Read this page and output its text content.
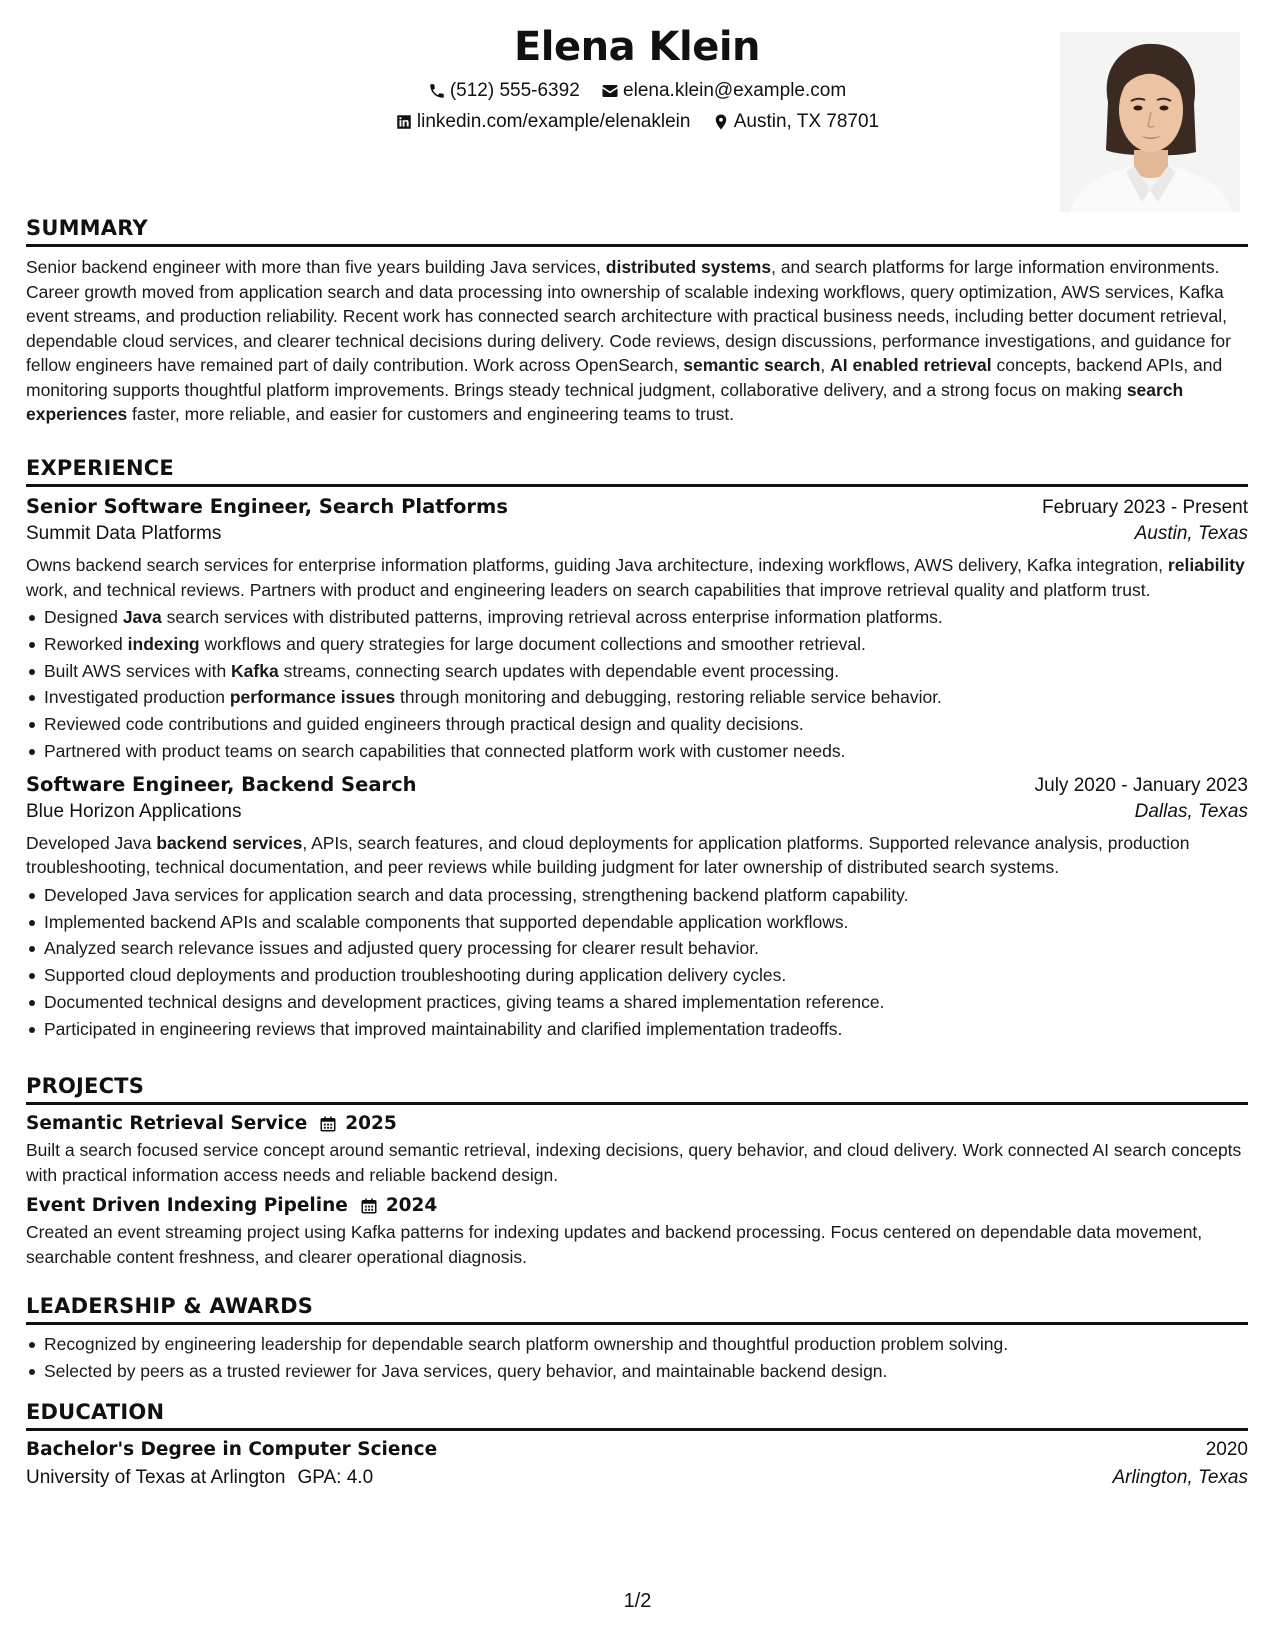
Elena Klein
(512) 555-6392
elena.klein@example.com
linkedin.com/example/elenaklein
Austin, TX 78701
SUMMARY

Senior backend engineer with more than five years building Java services, distributed systems, and search platforms for large information environments. Career growth moved from application search and data processing into ownership of scalable indexing workflows, query optimization, AWS services, Kafka event streams, and production reliability. Recent work has connected search architecture with practical business needs, including better document retrieval, dependable cloud services, and clearer technical decisions during delivery. Code reviews, design discussions, performance investigations, and guidance for fellow engineers have remained part of daily contribution. Work across OpenSearch, semantic search, AI enabled retrieval concepts, backend APIs, and monitoring supports thoughtful platform improvements. Brings steady technical judgment, collaborative delivery, and a strong focus on making search experiences faster, more reliable, and easier for customers and engineering teams to trust.

EXPERIENCE
Senior Software Engineer, Search Platforms	February 2023 - Present
Summit Data Platforms	Austin, Texas

Owns backend search services for enterprise information platforms, guiding Java architecture, indexing workflows, AWS delivery, Kafka integration, reliability work, and technical reviews. Partners with product and engineering leaders on search capabilities that improve retrieval quality and platform trust.

Designed Java search services with distributed patterns, improving retrieval across enterprise information platforms.
Reworked indexing workflows and query strategies for large document collections and smoother retrieval.
Built AWS services with Kafka streams, connecting search updates with dependable event processing.
Investigated production performance issues through monitoring and debugging, restoring reliable service behavior.
Reviewed code contributions and guided engineers through practical design and quality decisions.
Partnered with product teams on search capabilities that connected platform work with customer needs.
Software Engineer, Backend Search	July 2020 - January 2023
Blue Horizon Applications	Dallas, Texas

Developed Java backend services, APIs, search features, and cloud deployments for application platforms. Supported relevance analysis, production troubleshooting, technical documentation, and peer reviews while building judgment for later ownership of distributed search systems.

Developed Java services for application search and data processing, strengthening backend platform capability.
Implemented backend APIs and scalable components that supported dependable application workflows.
Analyzed search relevance issues and adjusted query processing for clearer result behavior.
Supported cloud deployments and production troubleshooting during application delivery cycles.
Documented technical designs and development practices, giving teams a shared implementation reference.
Participated in engineering reviews that improved maintainability and clarified implementation tradeoffs.
PROJECTS
Semantic Retrieval Service 2025

Built a search focused service concept around semantic retrieval, indexing decisions, query behavior, and cloud delivery. Work connected AI search concepts with practical information access needs and reliable backend design.

Event Driven Indexing Pipeline 2024

Created an event streaming project using Kafka patterns for indexing updates and backend processing. Focus centered on dependable data movement, searchable content freshness, and clearer operational diagnosis.

LEADERSHIP & AWARDS
Recognized by engineering leadership for dependable search platform ownership and thoughtful production problem solving.
Selected by peers as a trusted reviewer for Java services, query behavior, and maintainable backend design.
EDUCATION
Bachelor's Degree in Computer Science	2020
University of Texas at Arlington GPA: 4.0	Arlington, Texas
1/2
